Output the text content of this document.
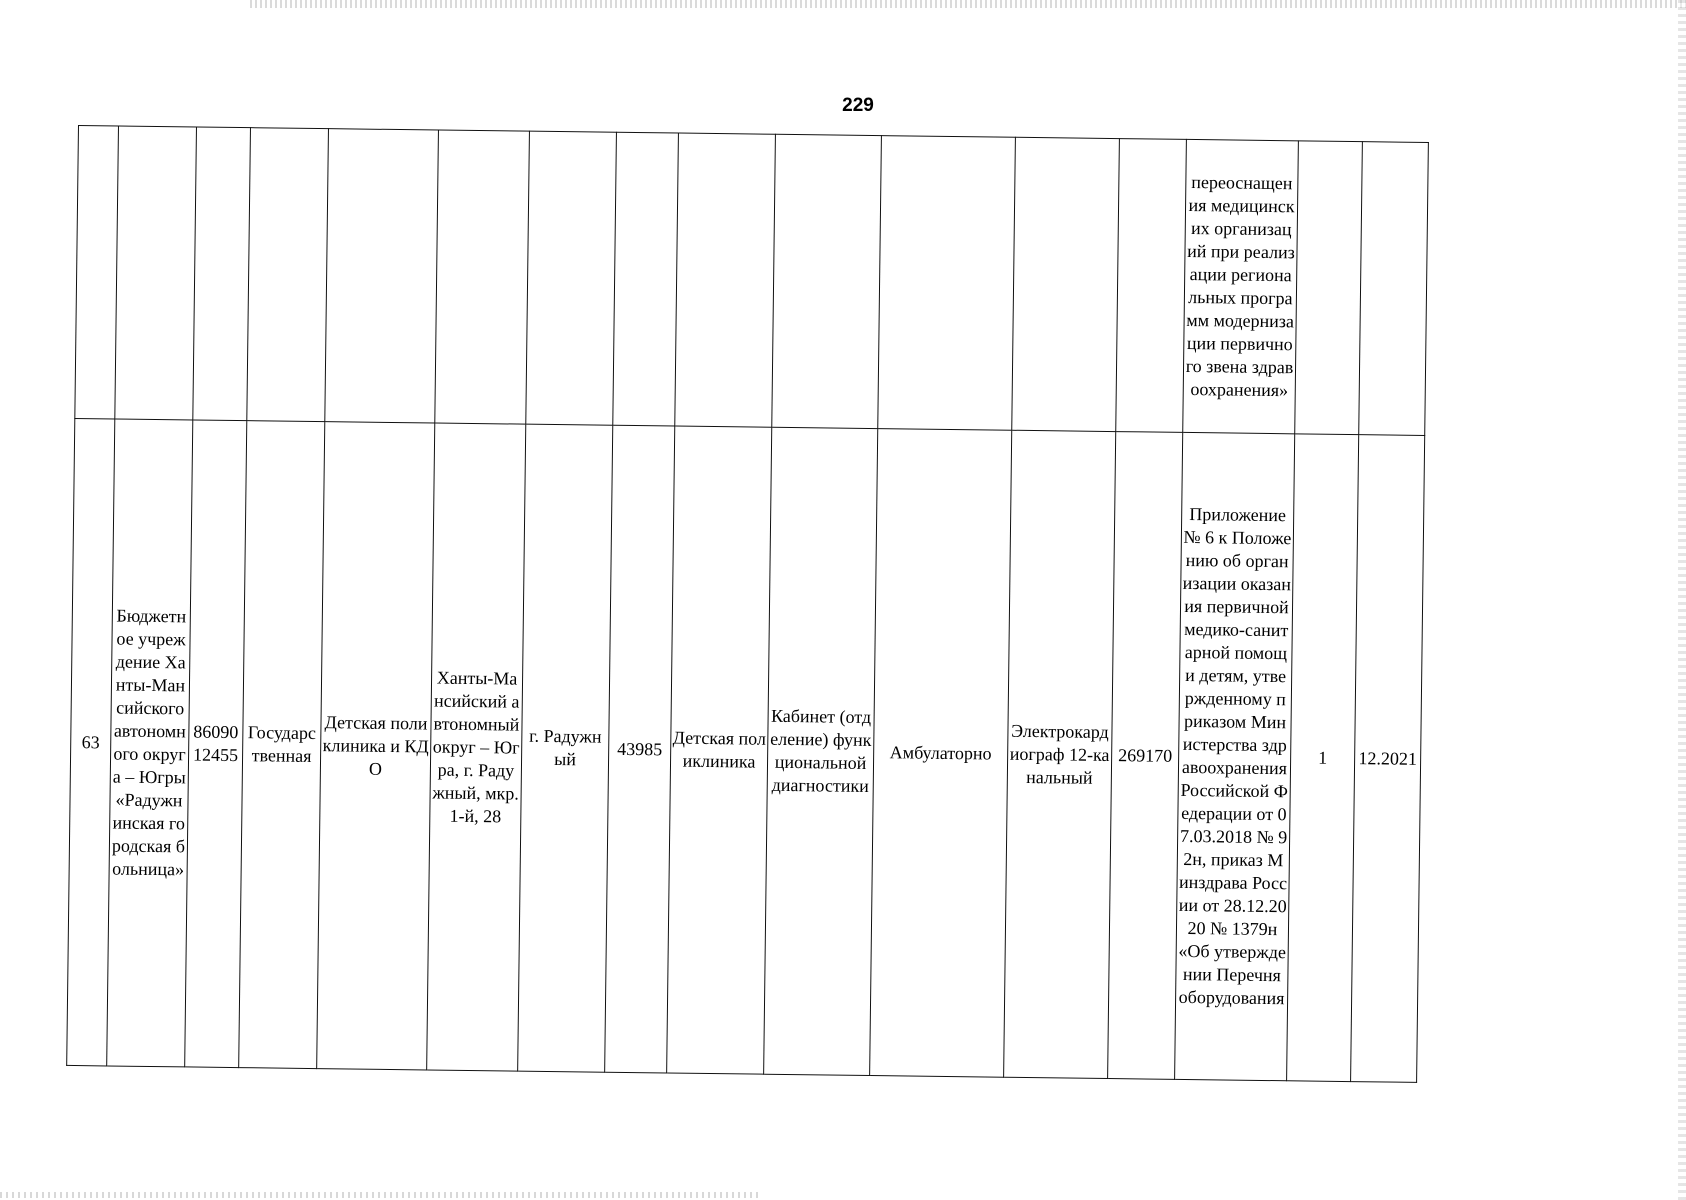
229
													переоснащения медицинских организаций при реализации региональных программ модернизации первичного звена здравоохранения»		
63	Бюджетное учреждение Ханты-Мансийского автономного округа – Югры «Радужнинская городская больница»	8609012455	Государственная	Детская поликлиника и КДО	Ханты-Мансийский автономный округ – Югра, г. Радужный, мкр.1-й, 28	г. Радужный	43985	Детская поликлиника	Кабинет (отделение) функциональной диагностики	Амбулаторно	Электрокардиограф 12-канальный	269170	Приложение № 6 к Положению об организации оказания первичной медико-санитарной помощи детям, утвержденному приказом Министерства здравоохранения Российской Федерации от 07.03.2018 № 92н, приказ Минздрава России от 28.12.2020 № 1379н «Об утверждении Перечня оборудования	1	12.2021
